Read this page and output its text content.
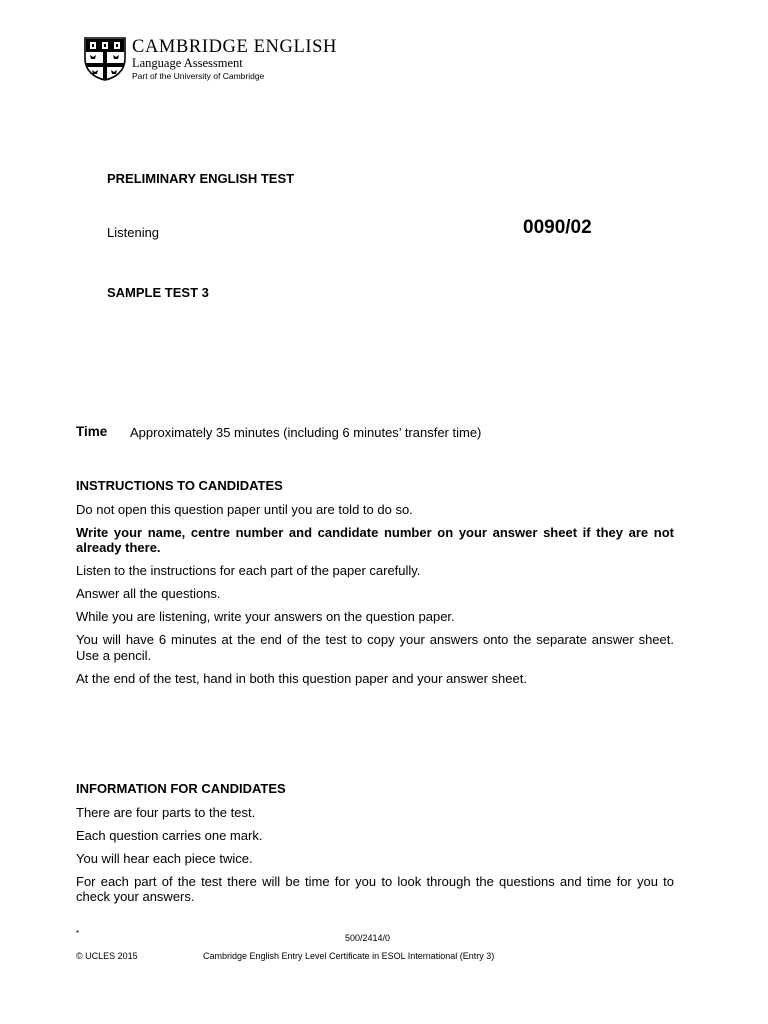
CAMBRIDGE ENGLISH
Language Assessment
Part of the University of Cambridge
PRELIMINARY ENGLISH TEST
Listening	0090/02
SAMPLE TEST 3
Time Approximately 35 minutes (including 6 minutes’ transfer time)
INSTRUCTIONS TO CANDIDATES

Do not open this question paper until you are told to do so.

Write your name, centre number and candidate number on your answer sheet if they are not already there.

Listen to the instructions for each part of the paper carefully.

Answer all the questions.

While you are listening, write your answers on the question paper.

You will have 6 minutes at the end of the test to copy your answers onto the separate answer sheet. Use a pencil.

At the end of the test, hand in both this question paper and your answer sheet.

INFORMATION FOR CANDIDATES

There are four parts to the test.

Each question carries one mark.

You will hear each piece twice.

For each part of the test there will be time for you to look through the questions and time for you to check your answers.

*	500/2414/0
© UCLES 2015	Cambridge English Entry Level Certificate in ESOL International (Entry 3)
